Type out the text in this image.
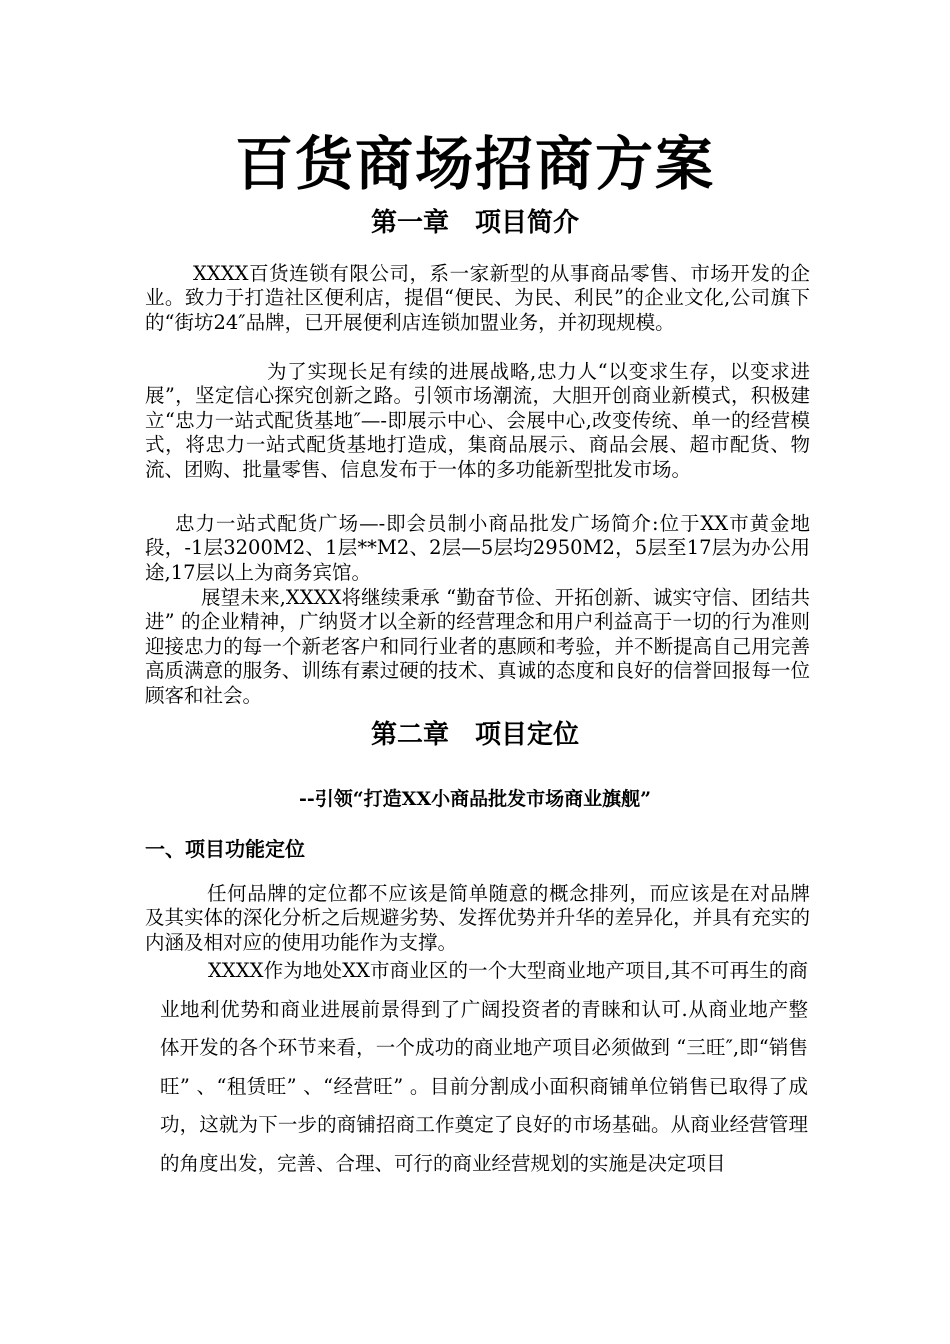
百货商场招商方案
第一章　项目简介

XXXX百货连锁有限公司，系一家新型的从事商品零售、市场开发的企业。致力于打造社区便利店，提倡“便民、为民、利民”的企业文化,公司旗下的“街坊24″品牌，已开展便利店连锁加盟业务，并初现规模。

为了实现长足有续的进展战略,忠力人“以变求生存，以变求进展”，坚定信心探究创新之路。引领市场潮流，大胆开创商业新模式，积极建立“忠力一站式配货基地″—-即展示中心、会展中心,改变传统、单一的经营模式，将忠力一站式配货基地打造成，集商品展示、商品会展、超市配货、物流、团购、批量零售、信息发布于一体的多功能新型批发市场。

忠力一站式配货广场—-即会员制小商品批发广场简介:位于XX市黄金地段，-1层3200M2、1层**M2、2层—5层均2950M2，5层至17层为办公用途,17层以上为商务宾馆。

展望未来,XXXX将继续秉承 “勤奋节俭、开拓创新、诚实守信、团结共进” 的企业精神，广纳贤才以全新的经营理念和用户利益高于一切的行为准则迎接忠力的每一个新老客户和同行业者的惠顾和考验，并不断提高自己用完善高质满意的服务、训练有素过硬的技术、真诚的态度和良好的信誉回报每一位顾客和社会。

第二章　项目定位
--引领“打造XX小商品批发市场商业旗舰”
一、项目功能定位

任何品牌的定位都不应该是简单随意的概念排列，而应该是在对品牌及其实体的深化分析之后规避劣势、发挥优势并升华的差异化，并具有充实的内涵及相对应的使用功能作为支撑。

XXXX作为地处XX市商业区的一个大型商业地产项目,其不可再生的商业地利优势和商业进展前景得到了广阔投资者的青睐和认可.从商业地产整体开发的各个环节来看，一个成功的商业地产项目必须做到 “三旺″,即“销售旺” 、“租赁旺” 、“经营旺” 。目前分割成小面积商铺单位销售已取得了成功，这就为下一步的商铺招商工作奠定了良好的市场基础。从商业经营管理的角度出发，完善、合理、可行的商业经营规划的实施是决定项目
